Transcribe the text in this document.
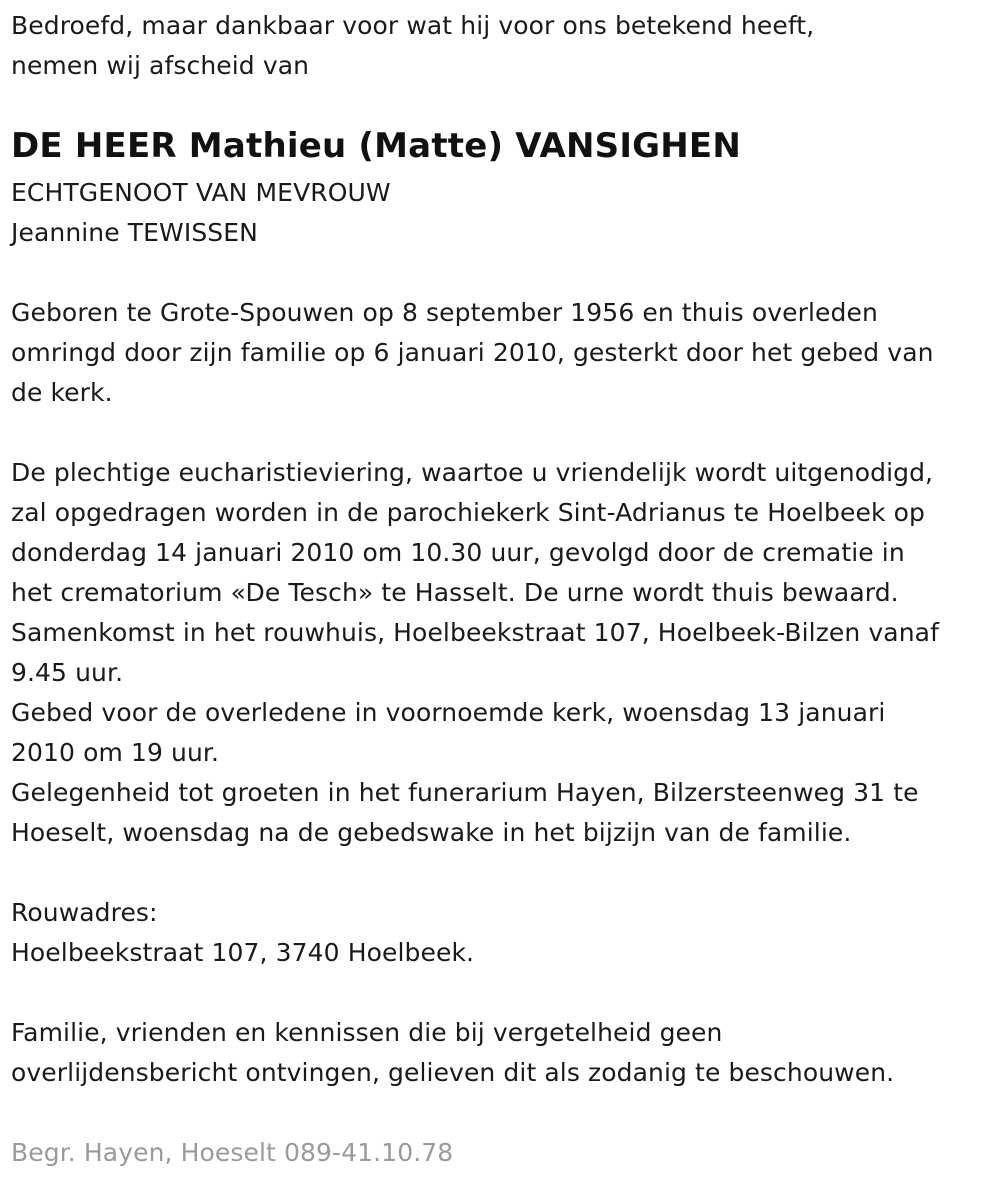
Bedroefd, maar dankbaar voor wat hij voor ons betekend heeft,
nemen wij afscheid van
DE HEER Mathieu (Matte) VANSIGHEN
ECHTGENOOT VAN MEVROUW
Jeannine TEWISSEN
Geboren te Grote-Spouwen op 8 september 1956 en thuis overleden
omringd door zijn familie op 6 januari 2010, gesterkt door het gebed van
de kerk.
De plechtige eucharistieviering, waartoe u vriendelijk wordt uitgenodigd,
zal opgedragen worden in de parochiekerk Sint-Adrianus te Hoelbeek op
donderdag 14 januari 2010 om 10.30 uur, gevolgd door de crematie in
het crematorium «De Tesch» te Hasselt. De urne wordt thuis bewaard.
Samenkomst in het rouwhuis, Hoelbeekstraat 107, Hoelbeek-Bilzen vanaf
9.45 uur.
Gebed voor de overledene in voornoemde kerk, woensdag 13 januari
2010 om 19 uur.
Gelegenheid tot groeten in het funerarium Hayen, Bilzersteenweg 31 te
Hoeselt, woensdag na de gebedswake in het bijzijn van de familie.
Rouwadres:
Hoelbeekstraat 107, 3740 Hoelbeek.
Familie, vrienden en kennissen die bij vergetelheid geen
overlijdensbericht ontvingen, gelieven dit als zodanig te beschouwen.
Begr. Hayen, Hoeselt 089-41.10.78
